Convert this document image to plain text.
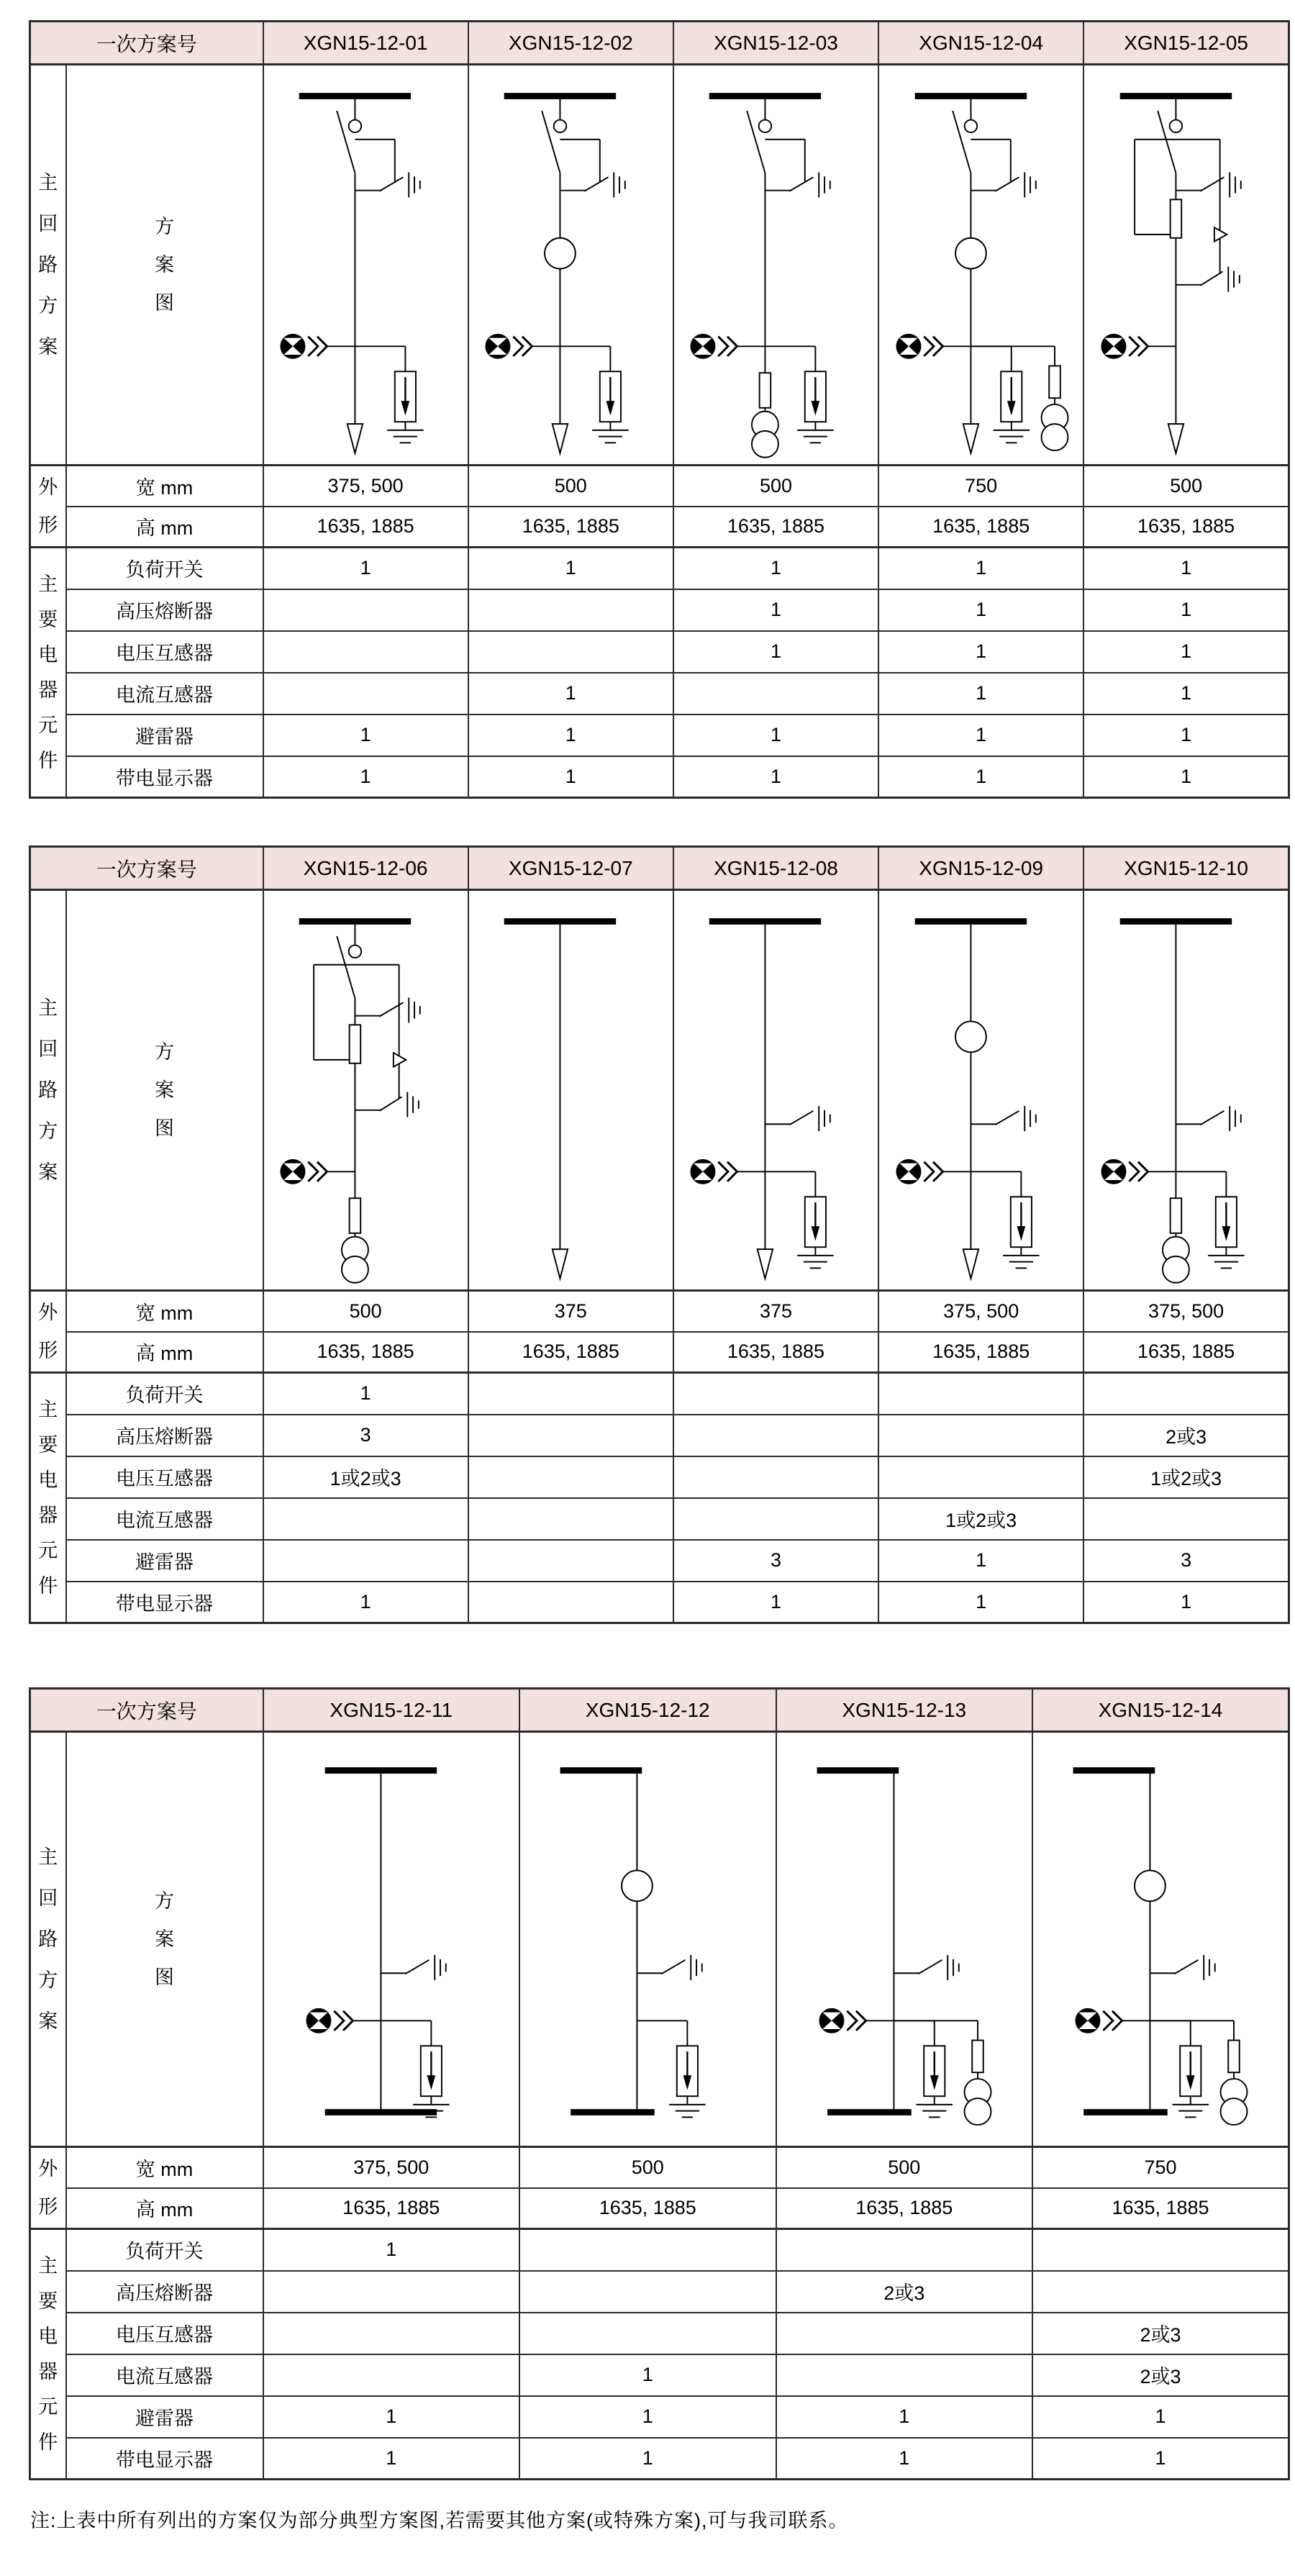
一次方案号		XGN15-12-01	XGN15-12-02	XGN15-12-03	XGN15-12-04	XGN15-12-05

主
回
路
方
案	方
案
图

外
形	宽 mm	375, 500	500	500	750	500
	高 mm	1635, 1885	1635, 1885	1635, 1885	1635, 1885	1635, 1885

主
要
电
器
元
件
	负荷开关	1	1	1	1	1
	高压熔断器			1	1	1
	电压互感器			1	1	1
	电流互感器		1		1	1
	避雷器	1	1	1	1	1
	带电显示器	1	1	1	1	1
一次方案号		XGN15-12-06	XGN15-12-07	XGN15-12-08	XGN15-12-09	XGN15-12-10

主
回
路
方
案	方
案
图

外
形	宽 mm	500	375	375	375, 500	375, 500
	高 mm	1635, 1885	1635, 1885	1635, 1885	1635, 1885	1635, 1885

主
要
电
器
元
件
	负荷开关	1				
	高压熔断器	3				2或3
	电压互感器	1或2或3				1或2或3
	电流互感器				1或2或3	
	避雷器			3	1	3
	带电显示器	1		1	1	1
一次方案号		XGN15-12-11	XGN15-12-12	XGN15-12-13	XGN15-12-14

主
回
路
方
案	方
案
图

外
形	宽 mm	375, 500	500	500	750
	高 mm	1635, 1885	1635, 1885	1635, 1885	1635, 1885

主
要
电
器
元
件
	负荷开关	1			
	高压熔断器			2或3	
	电压互感器				2或3
	电流互感器		1		2或3
	避雷器	1	1	1	1
	带电显示器	1	1	1	1

注:上表中所有列出的方案仅为部分典型方案图,若需要其他方案(或特殊方案),可与我司联系。
